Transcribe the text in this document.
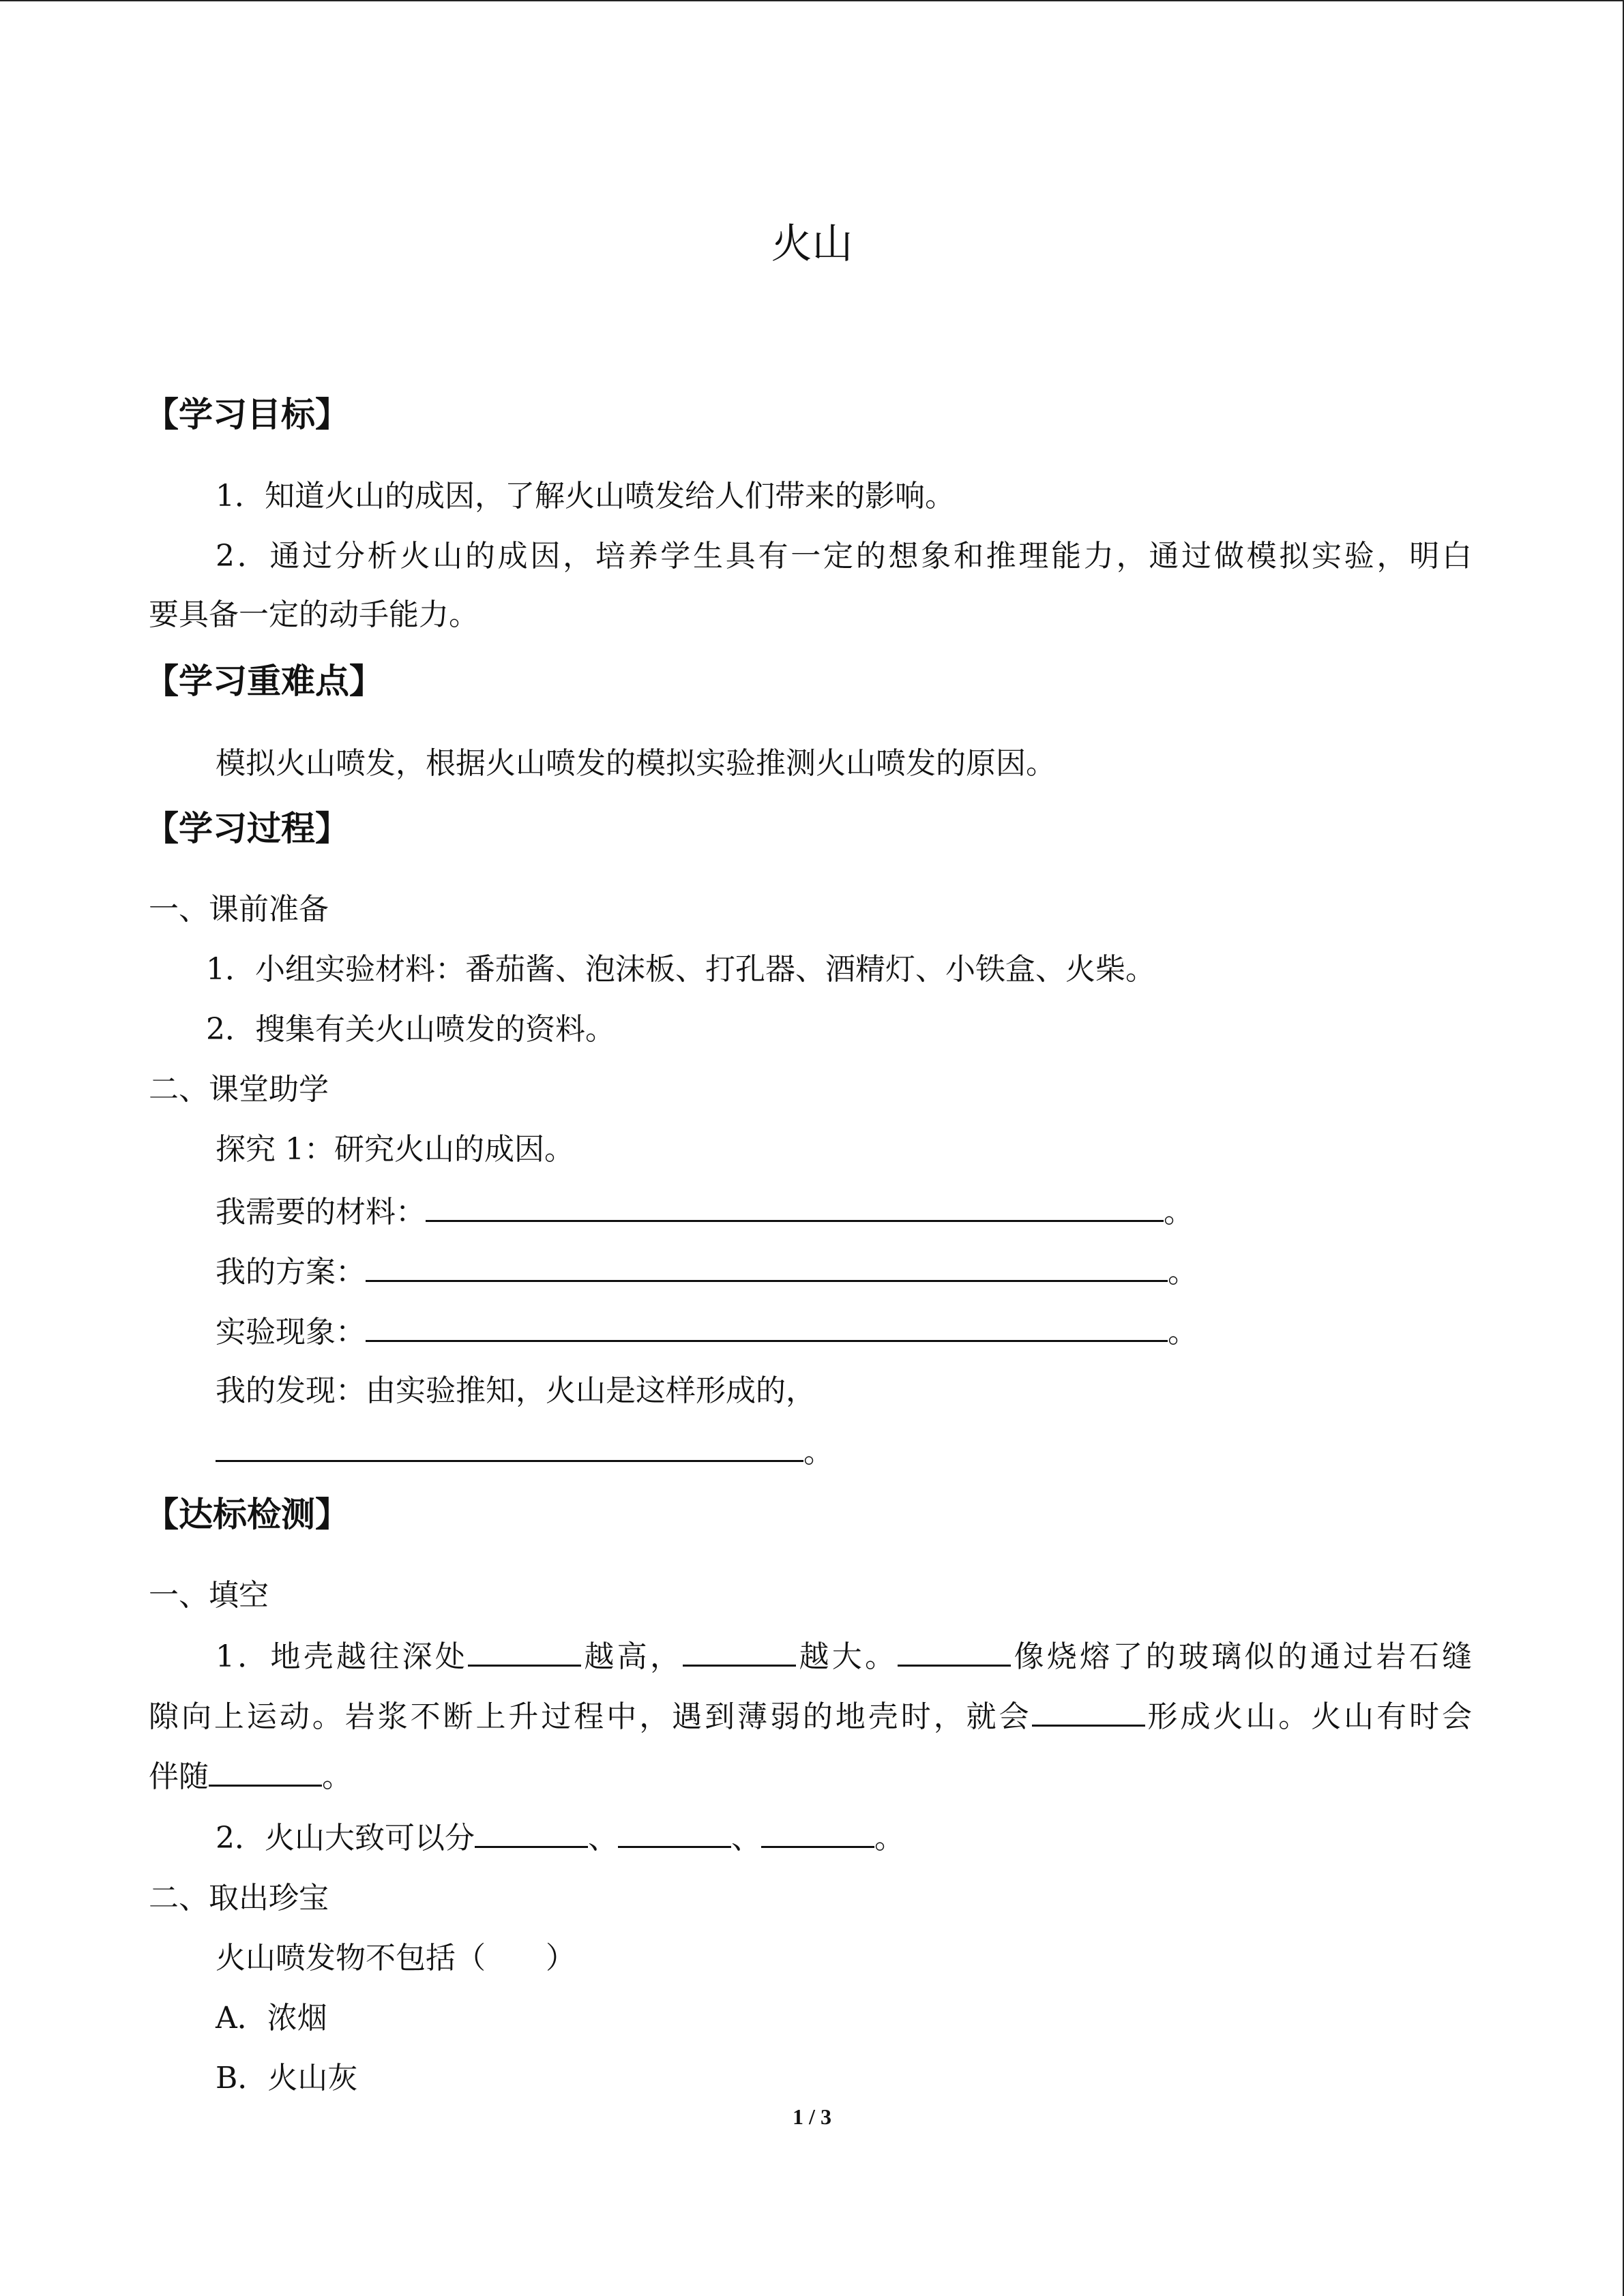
火山
【学习目标】
1．知道火山的成因，了解火山喷发给人们带来的影响。
2．通过分析火山的成因，培养学生具有一定的想象和推理能力，通过做模拟实验，明白
要具备一定的动手能力。
【学习重难点】
模拟火山喷发，根据火山喷发的模拟实验推测火山喷发的原因。
【学习过程】
一、课前准备
1．小组实验材料：番茄酱、泡沫板、打孔器、酒精灯、小铁盒、火柴。
2．搜集有关火山喷发的资料。
二、课堂助学
探究 1：研究火山的成因。
我需要的材料：	。
我的方案：	。
实验现象：	。
我的发现：由实验推知，火山是这样形成的，
。
【达标检测】
一、填空
1．地壳越往深处	越高，	越大。	像烧熔了的玻璃似的通过岩石缝
隙向上运动。岩浆不断上升过程中，遇到薄弱的地壳时，就会	形成火山。火山有时会
伴随	。
2．火山大致可以分	、	、	。
二、取出珍宝
火山喷发物不包括（　　）
A．浓烟
B．火山灰
1 / 3
